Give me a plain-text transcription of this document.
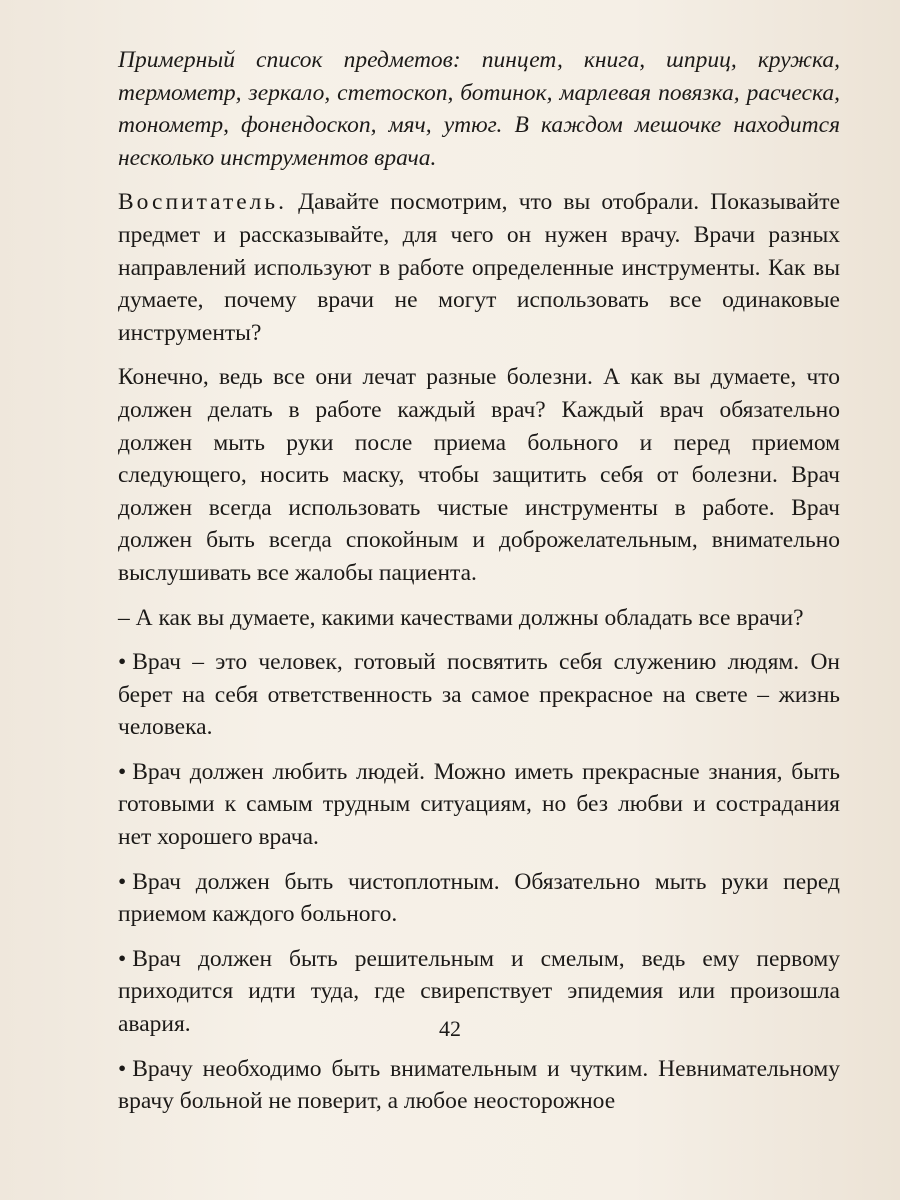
Примерный список предметов: пинцет, книга, шприц, кружка, термометр, зеркало, стетоскоп, ботинок, марлевая повязка, расческа, тонометр, фонендоскоп, мяч, утюг. В каждом мешочке находится несколько инструментов врача.

Воспитатель. Давайте посмотрим, что вы отобрали. Показывайте предмет и рассказывайте, для чего он нужен врачу. Врачи разных направлений используют в работе определенные инструменты. Как вы думаете, почему врачи не могут использовать все одинаковые инструменты?

Конечно, ведь все они лечат разные болезни. А как вы думаете, что должен делать в работе каждый врач? Каждый врач обязательно должен мыть руки после приема больного и перед приемом следующего, носить маску, чтобы защитить себя от болезни. Врач должен всегда использовать чистые инструменты в работе. Врач должен быть всегда спокойным и доброжелательным, внимательно выслушивать все жалобы пациента.

– А как вы думаете, какими качествами должны обладать все врачи?

• Врач – это человек, готовый посвятить себя служению людям. Он берет на себя ответственность за самое прекрасное на свете – жизнь человека.

• Врач должен любить людей. Можно иметь прекрасные знания, быть готовыми к самым трудным ситуациям, но без любви и сострадания нет хорошего врача.

• Врач должен быть чистоплотным. Обязательно мыть руки перед приемом каждого больного.

• Врач должен быть решительным и смелым, ведь ему первому приходится идти туда, где свирепствует эпидемия или произошла авария.

• Врачу необходимо быть внимательным и чутким. Невнимательному врачу больной не поверит, а любое неосторожное

42
